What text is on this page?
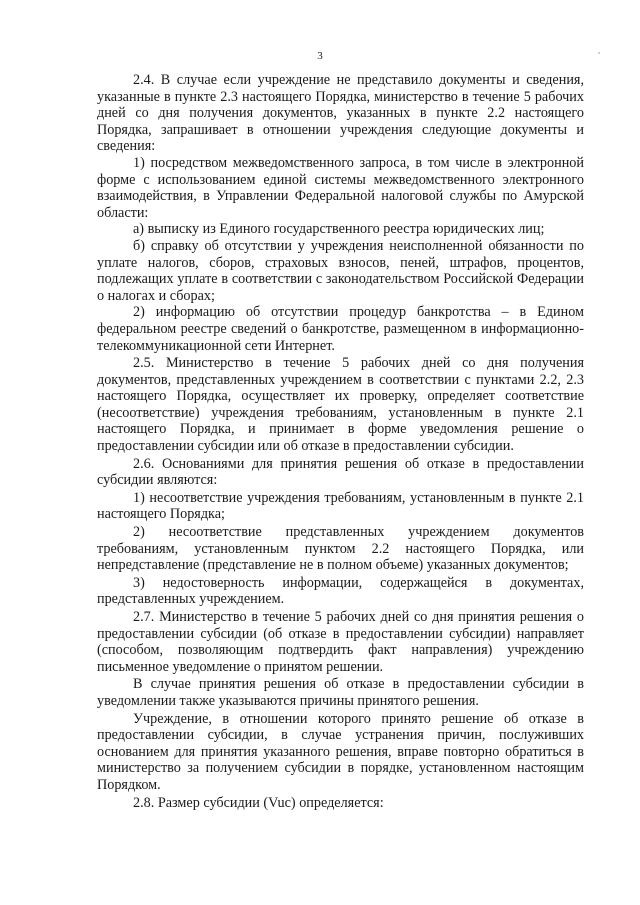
3

2.4. В случае если учреждение не представило документы и сведения, указанные в пункте 2.3 настоящего Порядка, министерство в течение 5 рабочих дней со дня получения документов, указанных в пункте 2.2 настоящего Порядка, запрашивает в отношении учреждения следующие документы и сведения:

1) посредством межведомственного запроса, в том числе в электронной форме с использованием единой системы межведомственного электронного взаимодействия, в Управлении Федеральной налоговой службы по Амурской области:

а) выписку из Единого государственного реестра юридических лиц;

б) справку об отсутствии у учреждения неисполненной обязанности по уплате налогов, сборов, страховых взносов, пеней, штрафов, процентов, подлежащих уплате в соответствии с законодательством Российской Федерации о налогах и сборах;

2) информацию об отсутствии процедур банкротства – в Едином федеральном реестре сведений о банкротстве, размещенном в информационно-телекоммуникационной сети Интернет.

2.5. Министерство в течение 5 рабочих дней со дня получения документов, представленных учреждением в соответствии с пунктами 2.2, 2.3 настоящего Порядка, осуществляет их проверку, определяет соответствие (несоответствие) учреждения требованиям, установленным в пункте 2.1 настоящего Порядка, и принимает в форме уведомления решение о предоставлении субсидии или об отказе в предоставлении субсидии.

2.6. Основаниями для принятия решения об отказе в предоставлении субсидии являются:

1) несоответствие учреждения требованиям, установленным в пункте 2.1 настоящего Порядка;

2) несоответствие представленных учреждением документов требованиям, установленным пунктом 2.2 настоящего Порядка, или непредставление (представление не в полном объеме) указанных документов;

3) недостоверность информации, содержащейся в документах, представленных учреждением.

2.7. Министерство в течение 5 рабочих дней со дня принятия решения о предоставлении субсидии (об отказе в предоставлении субсидии) направляет (способом, позволяющим подтвердить факт направления) учреждению письменное уведомление о принятом решении.

В случае принятия решения об отказе в предоставлении субсидии в уведомлении также указываются причины принятого решения.

Учреждение, в отношении которого принято решение об отказе в предоставлении субсидии, в случае устранения причин, послуживших основанием для принятия указанного решения, вправе повторно обратиться в министерство за получением субсидии в порядке, установленном настоящим Порядком.

2.8. Размер субсидии (Vuc) определяется:
